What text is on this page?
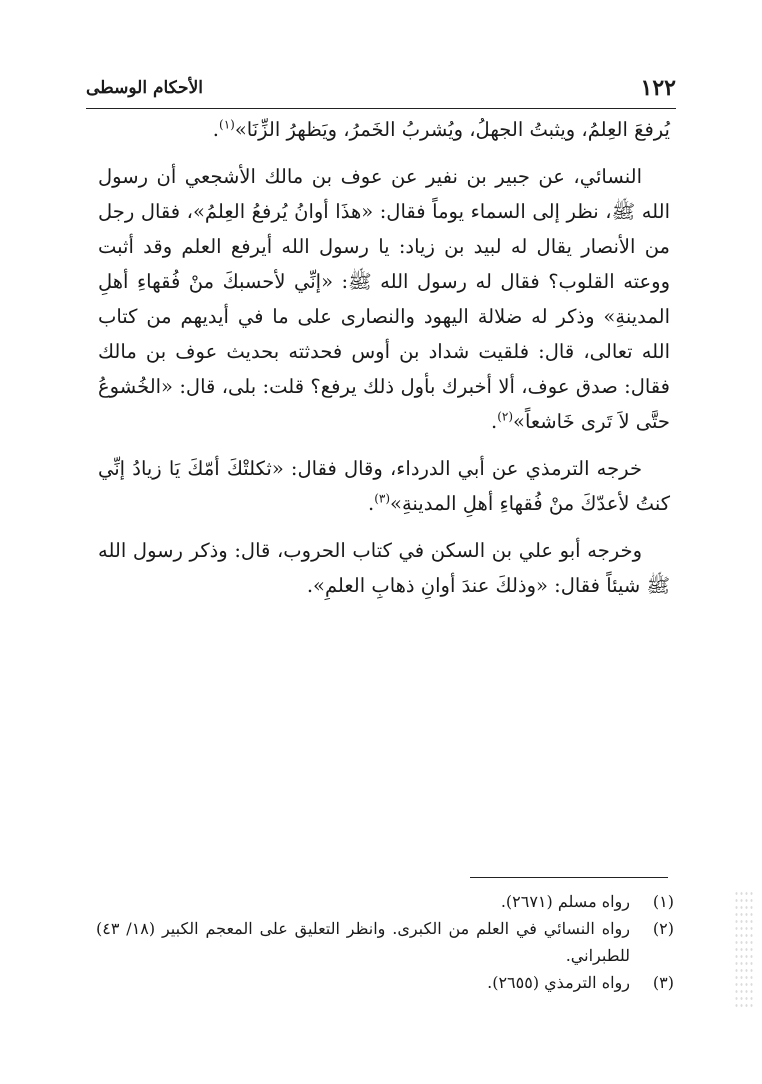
١٢٢
الأحكام الوسطى

يُرفعَ العِلمُ، ويثبتُ الجهلُ، ويُشربُ الخَمرُ، ويَظهرُ الزِّنَا»$^{(١)}$.

النسائي، عن جبير بن نفير عن عوف بن مالك الأشجعي أن رسول الله ﷺ، نظر إلى السماء يوماً فقال: «هذَا أوانُ يُرفعُ العِلمُ»، فقال رجل من الأنصار يقال له لبيد بن زياد: يا رسول الله أيرفع العلم وقد أثبت ووعته القلوب؟ فقال له رسول الله ﷺ: «إنِّي لأحسبكَ منْ فُقهاءِ أهلِ المدينةِ» وذكر له ضلالة اليهود والنصارى على ما في أيديهم من كتاب الله تعالى، قال: فلقيت شداد بن أوس فحدثته بحديث عوف بن مالك فقال: صدق عوف، ألا أخبرك بأول ذلك يرفع؟ قلت: بلى، قال: «الخُشوعُ حتَّى لاَ تَرى خَاشعاً»$^{(٢)}$.

خرجه الترمذي عن أبي الدرداء، وقال فقال: «ثكلتْكَ أمّكَ يَا زيادُ إنِّي كنتُ لأعدّكَ منْ فُقهاءِ أهلِ المدينةِ»$^{(٣)}$.

وخرجه أبو علي بن السكن في كتاب الحروب، قال: وذكر رسول الله ﷺ شيئاً فقال: «وذلكَ عندَ أوانِ ذهابِ العلمِ».

(١)
رواه مسلم (٢٦٧١).
(٢)
رواه النسائي في العلم من الكبرى. وانظر التعليق على المعجم الكبير (١٨/ ٤٣) للطبراني.
(٣)
رواه الترمذي (٢٦٥٥).
